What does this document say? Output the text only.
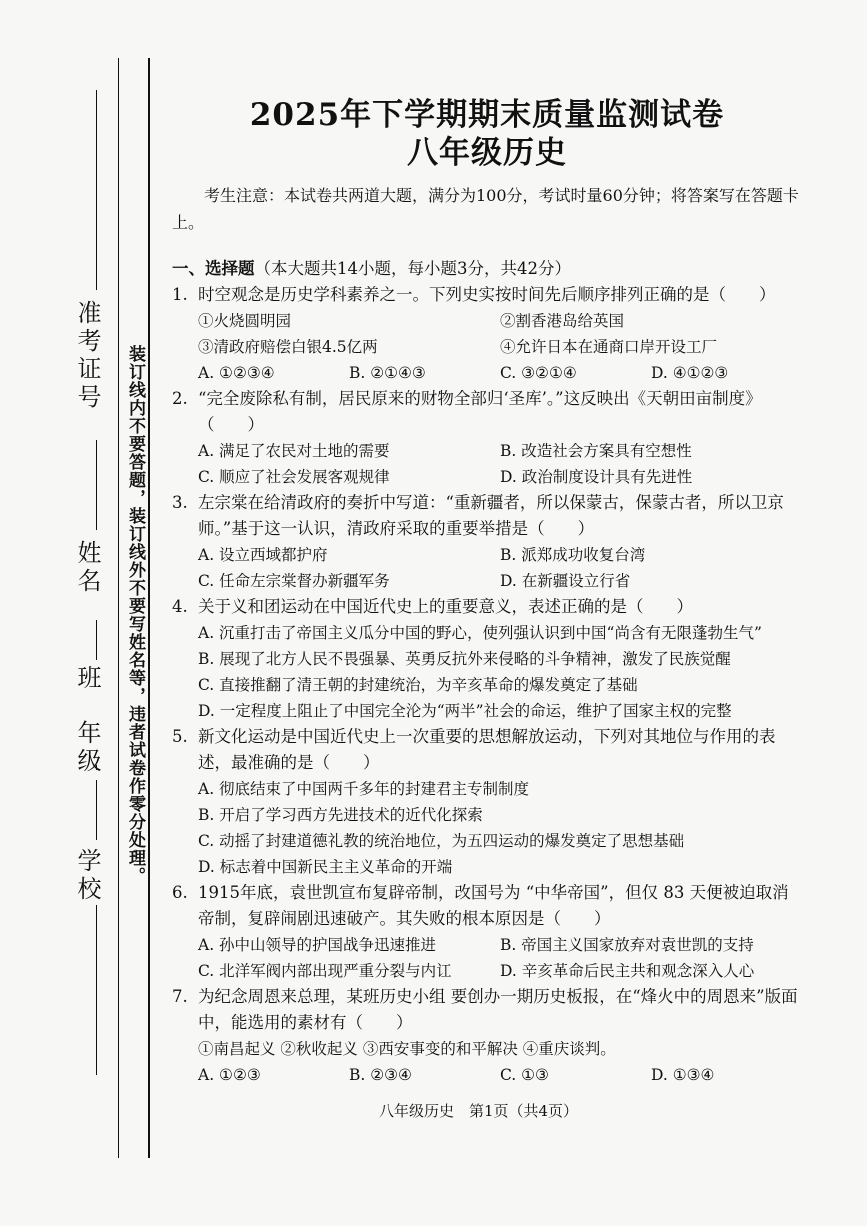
准考证号
姓名
班
年级
学校 装订线内不要答题，装订线外不要写姓名等，违者试卷作零分处理。
2025年下学期期末质量监测试卷
八年级历史
考生注意：本试卷共两道大题，满分为100分，考试时量60分钟；将答案写在答题卡上。
一、选择题（本大题共14小题，每小题3分，共42分）
1. 时空观念是历史学科素养之一。下列史实按时间先后顺序排列正确的是（　　）
①火烧圆明园	②割香港岛给英国
③清政府赔偿白银4.5亿两	④允许日本在通商口岸开设工厂
A. ①②③④	B. ②①④③	C. ③②①④	D. ④①②③
2. “完全废除私有制，居民原来的财物全部归‘圣库’。”这反映出《天朝田亩制度》（　　）
A. 满足了农民对土地的需要	B. 改造社会方案具有空想性
C. 顺应了社会发展客观规律	D. 政治制度设计具有先进性
3. 左宗棠在给清政府的奏折中写道：“重新疆者，所以保蒙古，保蒙古者，所以卫京师。”基于这一认识，清政府采取的重要举措是（　　）
A. 设立西域都护府	B. 派郑成功收复台湾
C. 任命左宗棠督办新疆军务	D. 在新疆设立行省
4. 关于义和团运动在中国近代史上的重要意义，表述正确的是（　　）
A. 沉重打击了帝国主义瓜分中国的野心，使列强认识到中国“尚含有无限蓬勃生气”
B. 展现了北方人民不畏强暴、英勇反抗外来侵略的斗争精神，激发了民族觉醒
C. 直接推翻了清王朝的封建统治，为辛亥革命的爆发奠定了基础
D. 一定程度上阻止了中国完全沦为“两半”社会的命运，维护了国家主权的完整
5. 新文化运动是中国近代史上一次重要的思想解放运动，下列对其地位与作用的表述，最准确的是（　　）
A. 彻底结束了中国两千多年的封建君主专制制度
B. 开启了学习西方先进技术的近代化探索
C. 动摇了封建道德礼教的统治地位，为五四运动的爆发奠定了思想基础
D. 标志着中国新民主主义革命的开端
6. 1915年底，袁世凯宣布复辟帝制，改国号为 “中华帝国”，但仅 83 天便被迫取消帝制，复辟闹剧迅速破产。其失败的根本原因是（　　）
A. 孙中山领导的护国战争迅速推进	B. 帝国主义国家放弃对袁世凯的支持
C. 北洋军阀内部出现严重分裂与内讧	D. 辛亥革命后民主共和观念深入人心
7. 为纪念周恩来总理，某班历史小组 要创办一期历史板报，在“烽火中的周恩来”版面中，能选用的素材有（　　）
①南昌起义 ②秋收起义 ③西安事变的和平解决 ④重庆谈判。
A. ①②③	B. ②③④	C. ①③	D. ①③④
八年级历史　第1页（共4页）
